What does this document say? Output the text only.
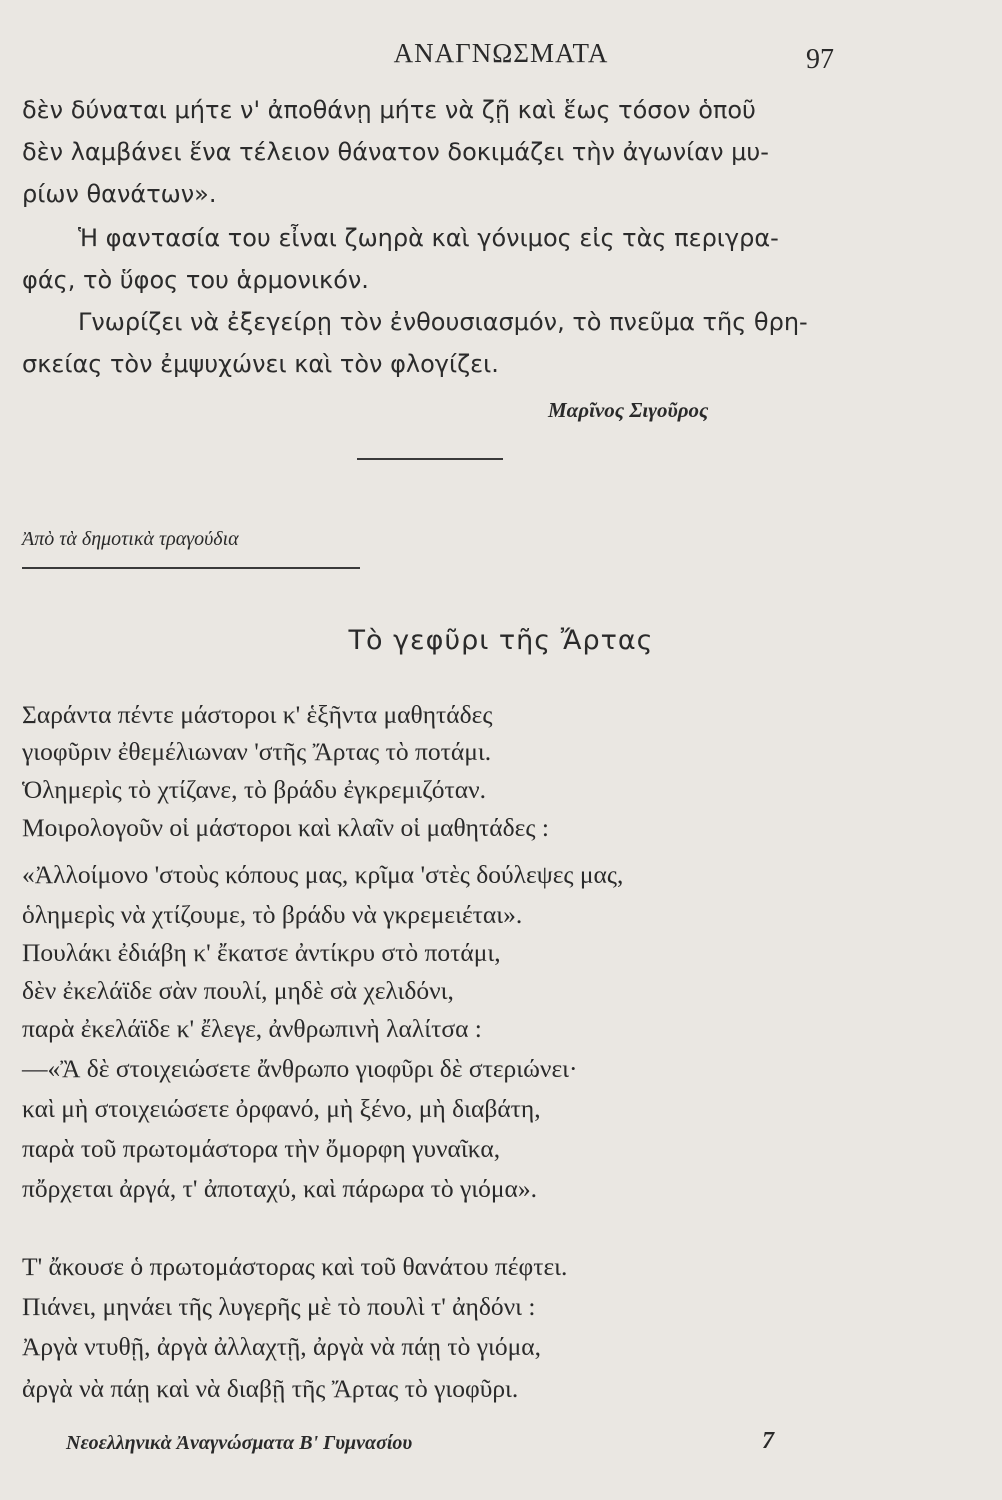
ΑΝΑΓΝΩΣΜΑΤΑ	97
δὲν δύναται μήτε ν' ἀποθάνῃ μήτε νὰ ζῇ καὶ ἕως τόσον ὁποῦ
δὲν λαμβάνει ἕνα τέλειον θάνατον δοκιμάζει τὴν ἀγωνίαν μυ-
ρίων θανάτων».
Ἡ φαντασία του εἶναι ζωηρὰ καὶ γόνιμος εἰς τὰς περιγρα-
φάς, τὸ ὕφος του ἁρμονικόν.
Γνωρίζει νὰ ἐξεγείρῃ τὸν ἐνθουσιασμόν, τὸ πνεῦμα τῆς θρη-
σκείας τὸν ἐμψυχώνει καὶ τὸν φλογίζει.
Μαρῖνος Σιγοῦρος
Ἀπὸ τὰ δημοτικὰ τραγούδια
Τὸ γεφῦρι τῆς Ἄρτας
Σαράντα πέντε μάστοροι κ' ἑξῆντα μαθητάδες
γιοφῦριν ἐθεμέλιωναν 'στῆς Ἄρτας τὸ ποτάμι.
Ὁλημερὶς τὸ χτίζανε, τὸ βράδυ ἐγκρεμιζόταν.
Μοιρολογοῦν οἱ μάστοροι καὶ κλαῖν οἱ μαθητάδες :
«Ἀλλοίμονο 'στοὺς κόπους μας, κρῖμα 'στὲς δούλεψες μας,
ὁλημερὶς νὰ χτίζουμε, τὸ βράδυ νὰ γκρεμειέται».
Πουλάκι ἐδιάβη κ' ἔκατσε ἀντίκρυ στὸ ποτάμι,
δὲν ἐκελάϊδε σὰν πουλί, μηδὲ σὰ χελιδόνι,
παρὰ ἐκελάϊδε κ' ἔλεγε, ἀνθρωπινὴ λαλίτσα :
—«Ἂ δὲ στοιχειώσετε ἄνθρωπο γιοφῦρι δὲ στεριώνει·
καὶ μὴ στοιχειώσετε ὀρφανό, μὴ ξένο, μὴ διαβάτη,
παρὰ τοῦ πρωτομάστορα τὴν ὄμορφη γυναῖκα,
πὄρχεται ἀργά, τ' ἀποταχύ, καὶ πάρωρα τὸ γιόμα».
Τ' ἄκουσε ὁ πρωτομάστορας καὶ τοῦ θανάτου πέφτει.
Πιάνει, μηνάει τῆς λυγερῆς μὲ τὸ πουλὶ τ' ἀηδόνι :
Ἀργὰ ντυθῇ, ἀργὰ ἀλλαχτῇ, ἀργὰ νὰ πάῃ τὸ γιόμα,
ἀργὰ νὰ πάῃ καὶ νὰ διαβῇ τῆς Ἄρτας τὸ γιοφῦρι.
Νεοελληνικὰ Ἀναγνώσματα Β' Γυμνασίου	7
